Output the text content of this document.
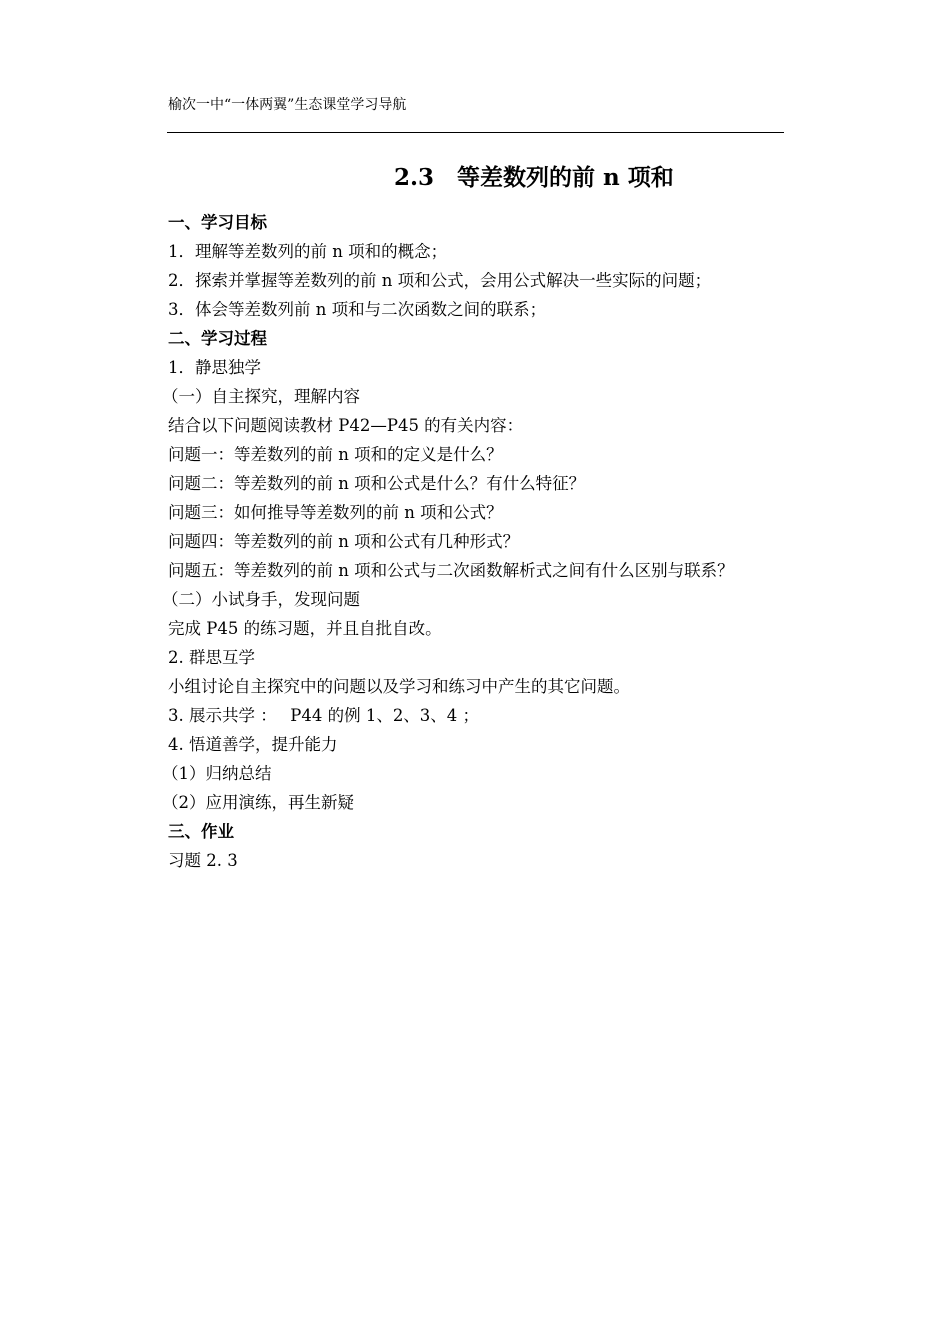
榆次一中“一体两翼”生态课堂学习导航
2.3　等差数列的前 n 项和
一、学习目标
1．理解等差数列的前 n 项和的概念；
2．探索并掌握等差数列的前 n 项和公式，会用公式解决一些实际的问题；
3．体会等差数列前 n 项和与二次函数之间的联系；
二、学习过程
1．静思独学
（一）自主探究，理解内容
结合以下问题阅读教材 P42—P45 的有关内容：
问题一：等差数列的前 n 项和的定义是什么？
问题二：等差数列的前 n 项和公式是什么？有什么特征？
问题三：如何推导等差数列的前 n 项和公式？
问题四：等差数列的前 n 项和公式有几种形式？
问题五：等差数列的前 n 项和公式与二次函数解析式之间有什么区别与联系？
（二）小试身手，发现问题
完成 P45 的练习题，并且自批自改。
2. 群思互学
小组讨论自主探究中的问题以及学习和练习中产生的其它问题。
3. 展示共学 ：　 P44 的例 1、2、3、4 ；
4. 悟道善学，提升能力
（1）归纳总结
（2）应用演练，再生新疑
三、作业
习题 2. 3
